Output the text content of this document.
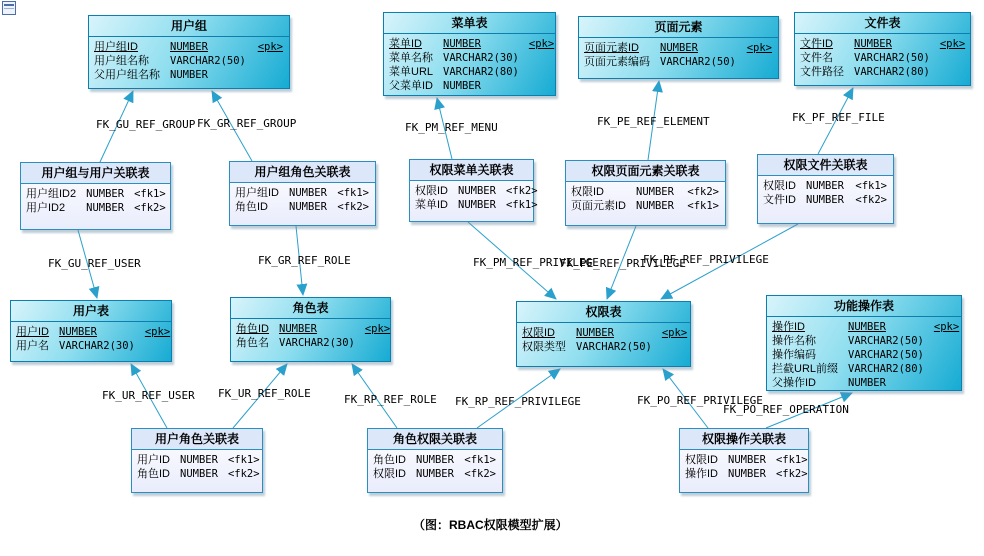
（图：RBAC权限模型扩展）
用户组
用户组ID	NUMBER	<pk>
用户组名称	VARCHAR2(50)
父用户组名称 NUMBER
菜单表
菜单ID	NUMBER	<pk>
菜单名称 VARCHAR2(30)
菜单URL VARCHAR2(80)
父菜单ID NUMBER
页面元素
页面元素ID	NUMBER	<pk>
页面元素编码 VARCHAR2(50)
文件表
文件ID	NUMBER	<pk>
文件名	VARCHAR2(50)
文件路径 VARCHAR2(80)
用户组与用户关联表
用户组ID2 NUMBER <fk1>
用户ID2	NUMBER <fk2>
用户组角色关联表
用户组ID NUMBER <fk1>
角色ID	NUMBER <fk2>
权限菜单关联表
权限ID NUMBER <fk2>
菜单ID NUMBER <fk1>
权限页面元素关联表
权限ID	NUMBER <fk2>
页面元素ID NUMBER <fk1>
权限文件关联表
权限ID NUMBER <fk1>
文件ID NUMBER <fk2>
用户表
用户ID NUMBER	<pk>
用户名 VARCHAR2(30)
角色表
角色ID NUMBER	<pk>
角色名 VARCHAR2(30)
权限表
权限ID	NUMBER	<pk>
权限类型 VARCHAR2(50)
功能操作表
操作ID	NUMBER	<pk>
操作名称	VARCHAR2(50)
操作编码	VARCHAR2(50)
拦截URL前缀 VARCHAR2(80)
父操作ID	NUMBER
用户角色关联表
用户ID NUMBER <fk1>
角色ID NUMBER <fk2>
角色权限关联表
角色ID NUMBER <fk1>
权限ID NUMBER <fk2>
权限操作关联表
权限ID NUMBER <fk1>
操作ID NUMBER <fk2>
FK_GU_REF_GROUP FK_GR_REF_GROUP	FK_PM_REF_MENU	FK_PE_REF_ELEMENT	FK_PF_REF_FILE
FK_GU_REF_USER	FK_GR_REF_ROLE	FK_PM_REF_PRIVILEGE
FK_PE_REF_PRIVILEGE
FK_PF_REF_PRIVILEGE
FK_UR_REF_USER FK_UR_REF_ROLE	FK_RP_REF_ROLE FK_RP_REF_PRIVILEGE	FK_PO_REF_PRIVILEGE
FK_PO_REF_OPERATION
